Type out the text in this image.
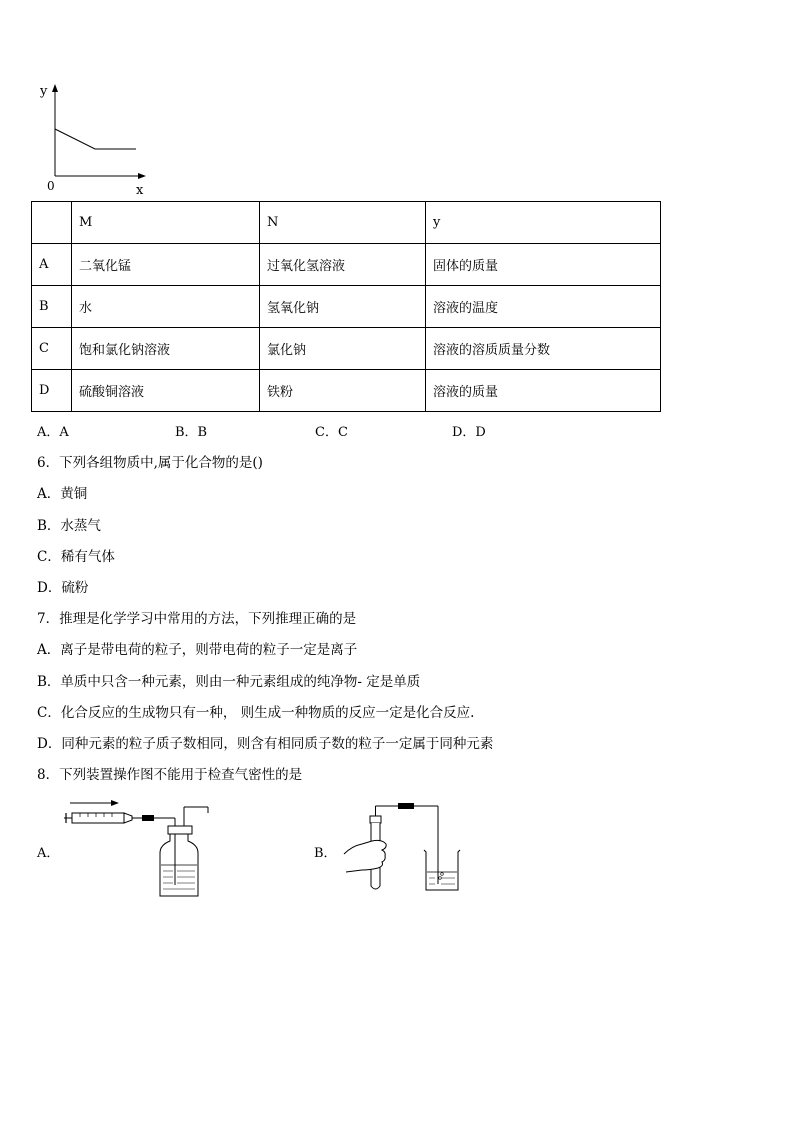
y
0	x
	M	N	y
A	二氧化锰	过氧化氢溶液	固体的质量
B	水	氢氧化钠	溶液的温度
C	饱和氯化钠溶液	氯化钠	溶液的溶质质量分数
D	硫酸铜溶液	铁粉	溶液的质量
A．A	B．B	C．C	D．D
6．下列各组物质中,属于化合物的是()
A．黄铜
B．水蒸气
C．稀有气体
D．硫粉
7．推理是化学学习中常用的方法，下列推理正确的是
A．离子是带电荷的粒子，则带电荷的粒子一定是离子
B．单质中只含一种元素，则由一种元素组成的纯净物- 定是单质
C．化合反应的生成物只有一种， 则生成一种物质的反应一定是化合反应.
D．同种元素的粒子质子数相同，则含有相同质子数的粒子一定属于同种元素
8．下列装置操作图不能用于检查气密性的是
A．	B．
